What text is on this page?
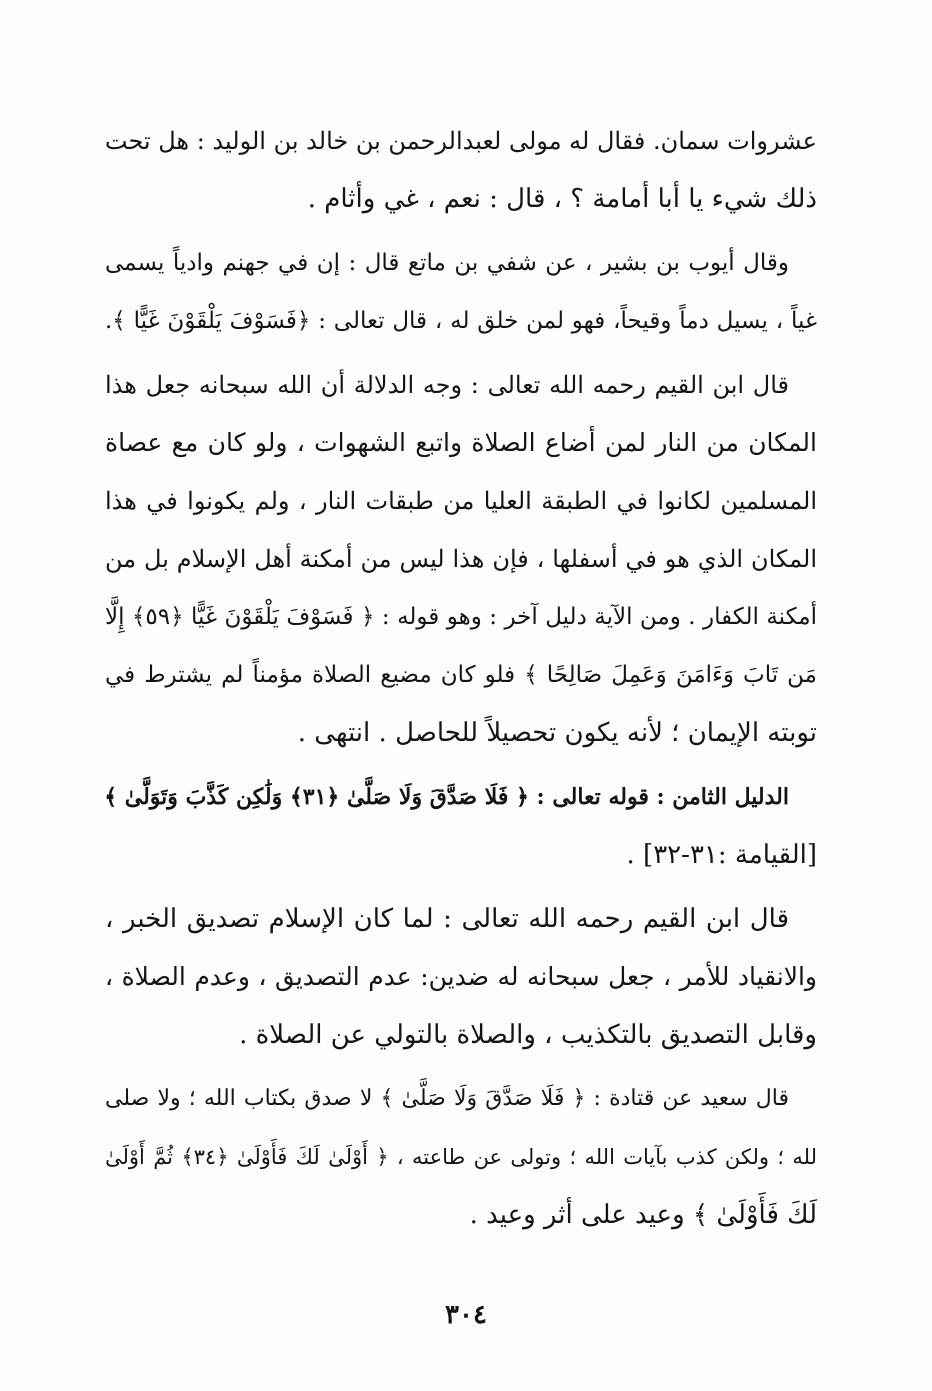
عشروات سمان. فقال له مولى لعبدالرحمن بن خالد بن الوليد : هل تحت
ذلك شيء يا أبا أمامة ؟ ، قال : نعم ، غي وأثام .
وقال أيوب بن بشير ، عن شفي بن ماتع قال : إن في جهنم وادياً يسمى
غياً ، يسيل دماً وقيحاً، فهو لمن خلق له ، قال تعالى : ﴿فَسَوْفَ يَلْقَوْنَ غَيًّا ﴾.
قال ابن القيم رحمه الله تعالى : وجه الدلالة أن الله سبحانه جعل هذا
المكان من النار لمن أضاع الصلاة واتبع الشهوات ، ولو كان مع عصاة
المسلمين لكانوا في الطبقة العليا من طبقات النار ، ولم يكونوا في هذا
المكان الذي هو في أسفلها ، فإن هذا ليس من أمكنة أهل الإسلام بل من
أمكنة الكفار . ومن الآية دليل آخر : وهو قوله : ﴿ فَسَوْفَ يَلْقَوْنَ غَيًّا ﴿٥٩﴾ إِلَّا
مَن تَابَ وَءَامَنَ وَعَمِلَ صَالِحًا ﴾ فلو كان مضيع الصلاة مؤمناً لم يشترط في
توبته الإيمان ؛ لأنه يكون تحصيلاً للحاصل . انتهى .
الدليل الثامن : قوله تعالى : ﴿ فَلَا صَدَّقَ وَلَا صَلَّىٰ ﴿٣١﴾ وَلَٰكِن كَذَّبَ وَتَوَلَّىٰ ﴾
[القيامة :٣١-٣٢] .
قال ابن القيم رحمه الله تعالى : لما كان الإسلام تصديق الخبر ،
والانقياد للأمر ، جعل سبحانه له ضدين: عدم التصديق ، وعدم الصلاة ،
وقابل التصديق بالتكذيب ، والصلاة بالتولي عن الصلاة .
قال سعيد عن قتادة : ﴿ فَلَا صَدَّقَ وَلَا صَلَّىٰ ﴾ لا صدق بكتاب الله ؛ ولا صلى
لله ؛ ولكن كذب بآيات الله ؛ وتولى عن طاعته ، ﴿ أَوْلَىٰ لَكَ فَأَوْلَىٰ ﴿٣٤﴾ ثُمَّ أَوْلَىٰ
لَكَ فَأَوْلَىٰ ﴾ وعيد على أثر وعيد .
٣٠٤
